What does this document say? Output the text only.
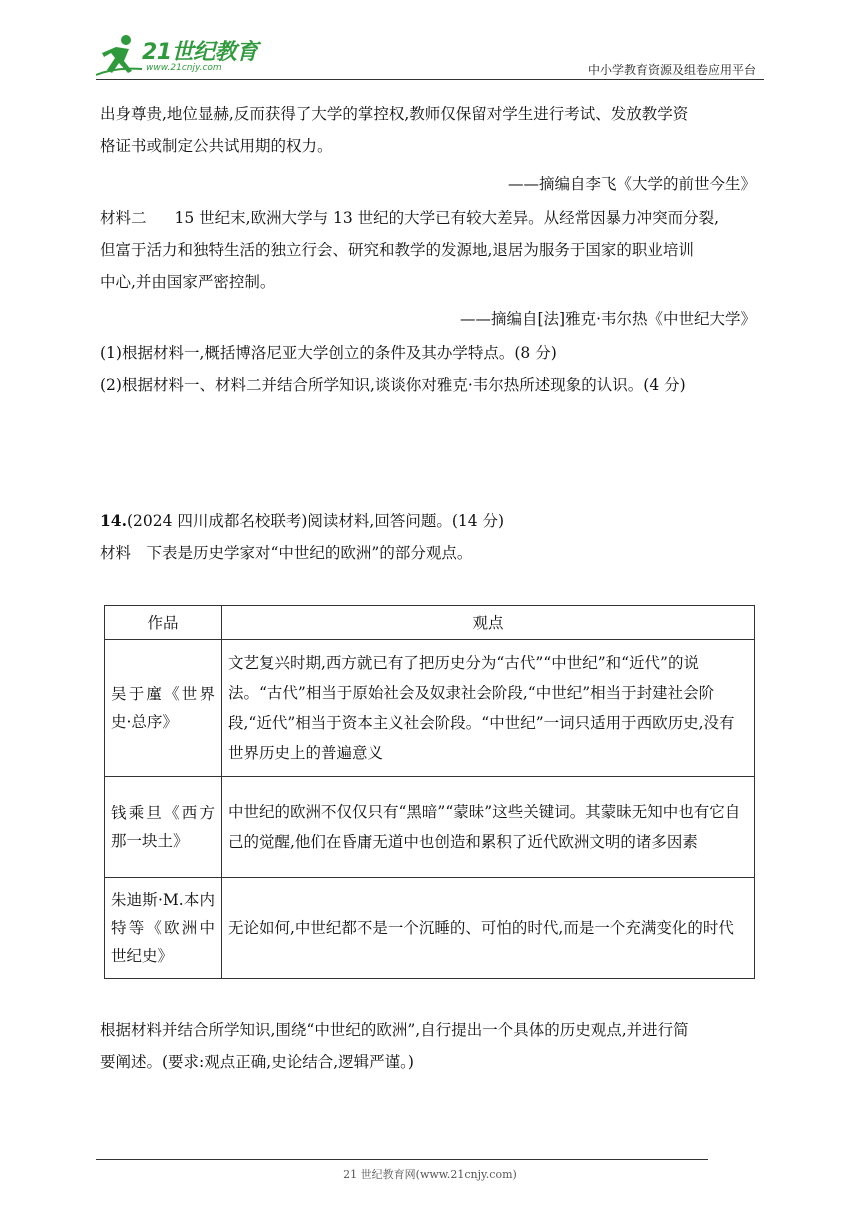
21世纪教育
www.21cnjy.com	中小学教育资源及组卷应用平台
出身尊贵,地位显赫,反而获得了大学的掌控权,教师仅保留对学生进行考试、发放教学资
格证书或制定公共试用期的权力。
——摘编自李飞《大学的前世今生》
材料二 15 世纪末,欧洲大学与 13 世纪的大学已有较大差异。从经常因暴力冲突而分裂,
但富于活力和独特生活的独立行会、研究和教学的发源地,退居为服务于国家的职业培训
中心,并由国家严密控制。
——摘编自[法]雅克·韦尔热《中世纪大学》
(1)根据材料一,概括博洛尼亚大学创立的条件及其办学特点。(8 分)
(2)根据材料一、材料二并结合所学知识,谈谈你对雅克·韦尔热所述现象的认识。(4 分)
14.(2024 四川成都名校联考)阅读材料,回答问题。(14 分)
材料　下表是历史学家对“中世纪的欧洲”的部分观点。
作品	观点
吴于廑《世界史·总序》	文艺复兴时期,西方就已有了把历史分为“古代”“中世纪”和“近代”的说法。“古代”相当于原始社会及奴隶社会阶段,“中世纪”相当于封建社会阶段,“近代”相当于资本主义社会阶段。“中世纪”一词只适用于西欧历史,没有世界历史上的普遍意义
钱乘旦《西方那一块土》	中世纪的欧洲不仅仅只有“黑暗”“蒙昧”这些关键词。其蒙昧无知中也有它自己的觉醒,他们在昏庸无道中也创造和累积了近代欧洲文明的诸多因素
朱迪斯·M.本内特等《欧洲中世纪史》	无论如何,中世纪都不是一个沉睡的、可怕的时代,而是一个充满变化的时代
根据材料并结合所学知识,围绕“中世纪的欧洲”,自行提出一个具体的历史观点,并进行简
要阐述。(要求:观点正确,史论结合,逻辑严谨。)
21 世纪教育网(www.21cnjy.com)
